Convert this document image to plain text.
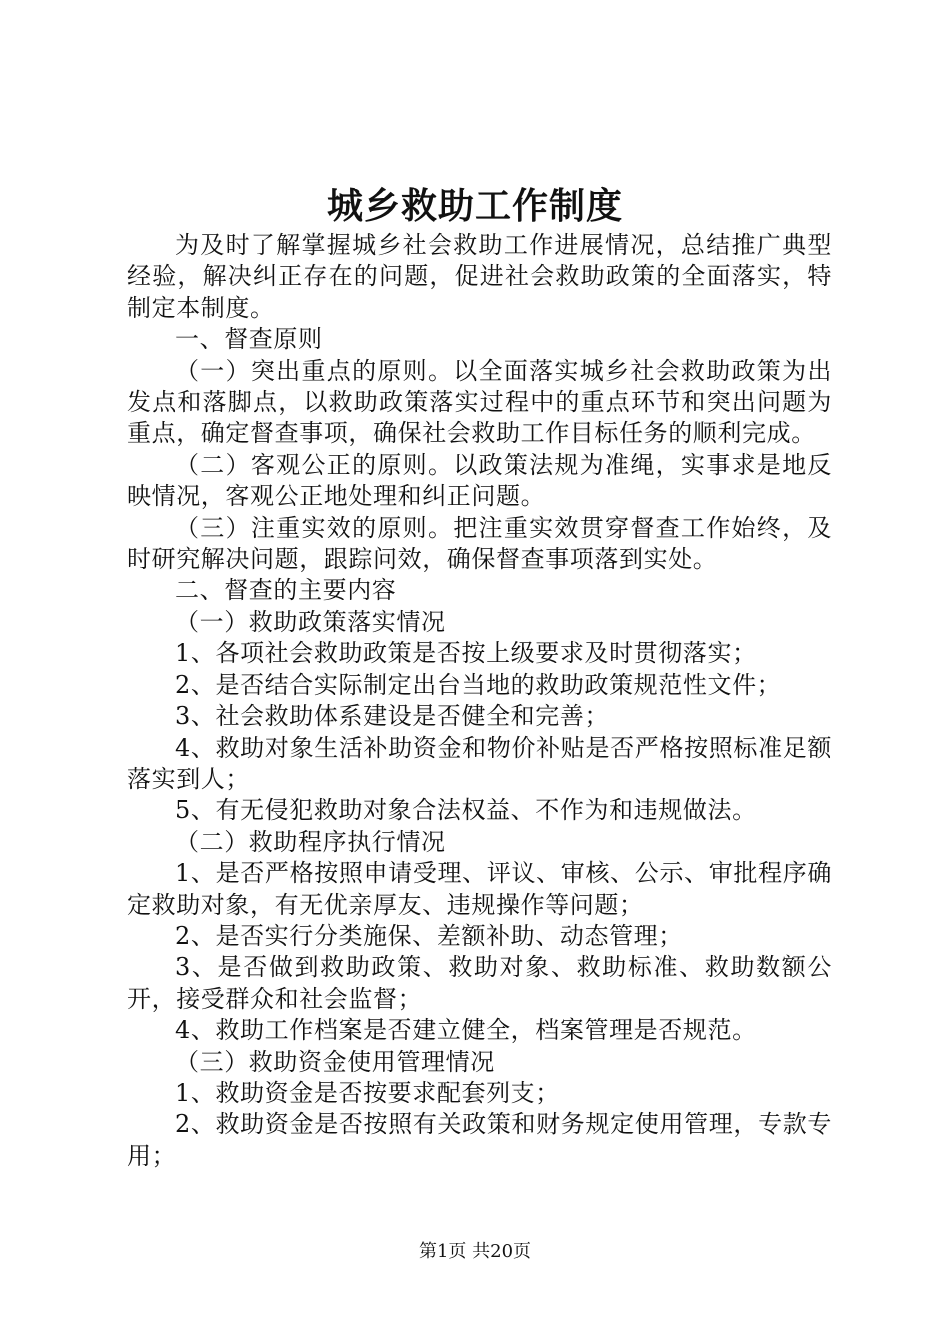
城乡救助工作制度

为及时了解掌握城乡社会救助工作进展情况，总结推广典型经验，解决纠正存在的问题，促进社会救助政策的全面落实，特制定本制度。

一、督查原则

（一）突出重点的原则。以全面落实城乡社会救助政策为出发点和落脚点，以救助政策落实过程中的重点环节和突出问题为重点，确定督查事项，确保社会救助工作目标任务的顺利完成。

（二）客观公正的原则。以政策法规为准绳，实事求是地反映情况，客观公正地处理和纠正问题。

（三）注重实效的原则。把注重实效贯穿督查工作始终，及时研究解决问题，跟踪问效，确保督查事项落到实处。

二、督查的主要内容

（一）救助政策落实情况

1、各项社会救助政策是否按上级要求及时贯彻落实；

2、是否结合实际制定出台当地的救助政策规范性文件；

3、社会救助体系建设是否健全和完善；

4、救助对象生活补助资金和物价补贴是否严格按照标准足额落实到人；

5、有无侵犯救助对象合法权益、不作为和违规做法。

（二）救助程序执行情况

1、是否严格按照申请受理、评议、审核、公示、审批程序确定救助对象，有无优亲厚友、违规操作等问题；

2、是否实行分类施保、差额补助、动态管理；

3、是否做到救助政策、救助对象、救助标准、救助数额公开，接受群众和社会监督；

4、救助工作档案是否建立健全，档案管理是否规范。

（三）救助资金使用管理情况

1、救助资金是否按要求配套列支；

2、救助资金是否按照有关政策和财务规定使用管理，专款专用；

第1页 共20页
